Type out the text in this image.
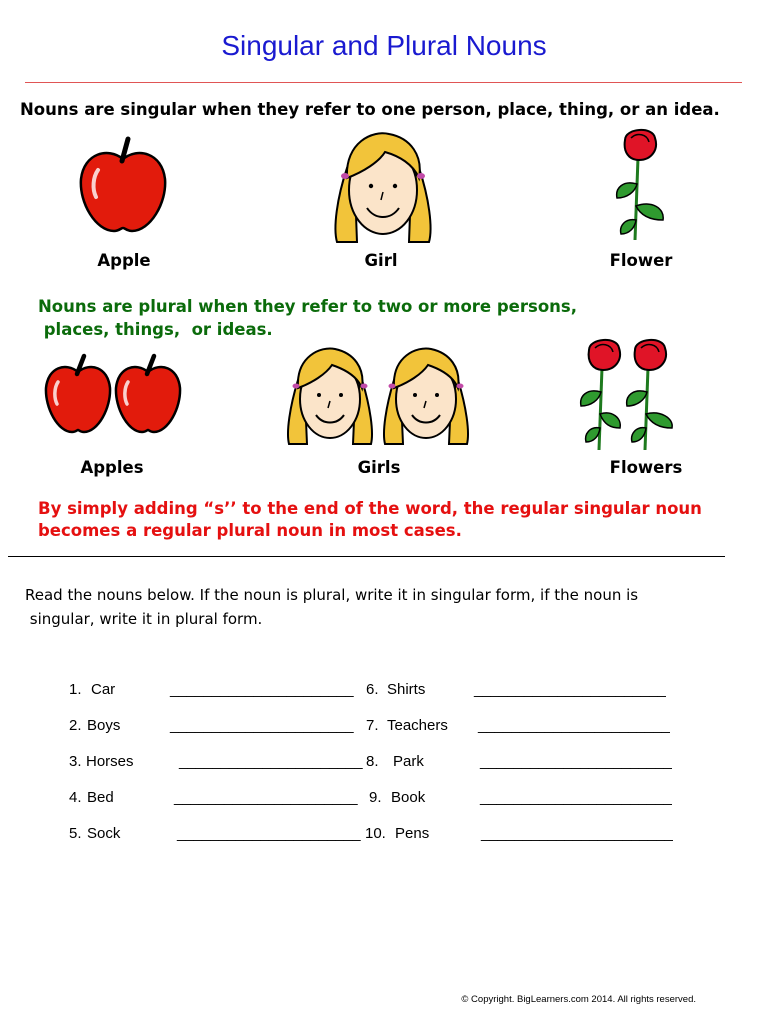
Singular and Plural Nouns
Nouns are singular when they refer to one person, place, thing, or an idea.
Apple	Girl	Flower
Nouns are plural when they refer to two or more persons,
places, things,  or ideas.
Apples	Girls	Flowers
By simply adding “s’’ to the end of the word, the regular singular noun
becomes a regular plural noun in most cases.
Read the nouns below. If the noun is plural, write it in singular form, if the noun is
singular, write it in plural form.
1. Car	______________________
2. Boys	______________________
3. Horses	______________________
4. Bed	______________________
5. Sock	______________________
6. Shirts	_______________________
7. Teachers _______________________
8. Park	_______________________
9. Book	_______________________
10. Pens	_______________________
© Copyright. BigLearners.com 2014. All rights reserved.
